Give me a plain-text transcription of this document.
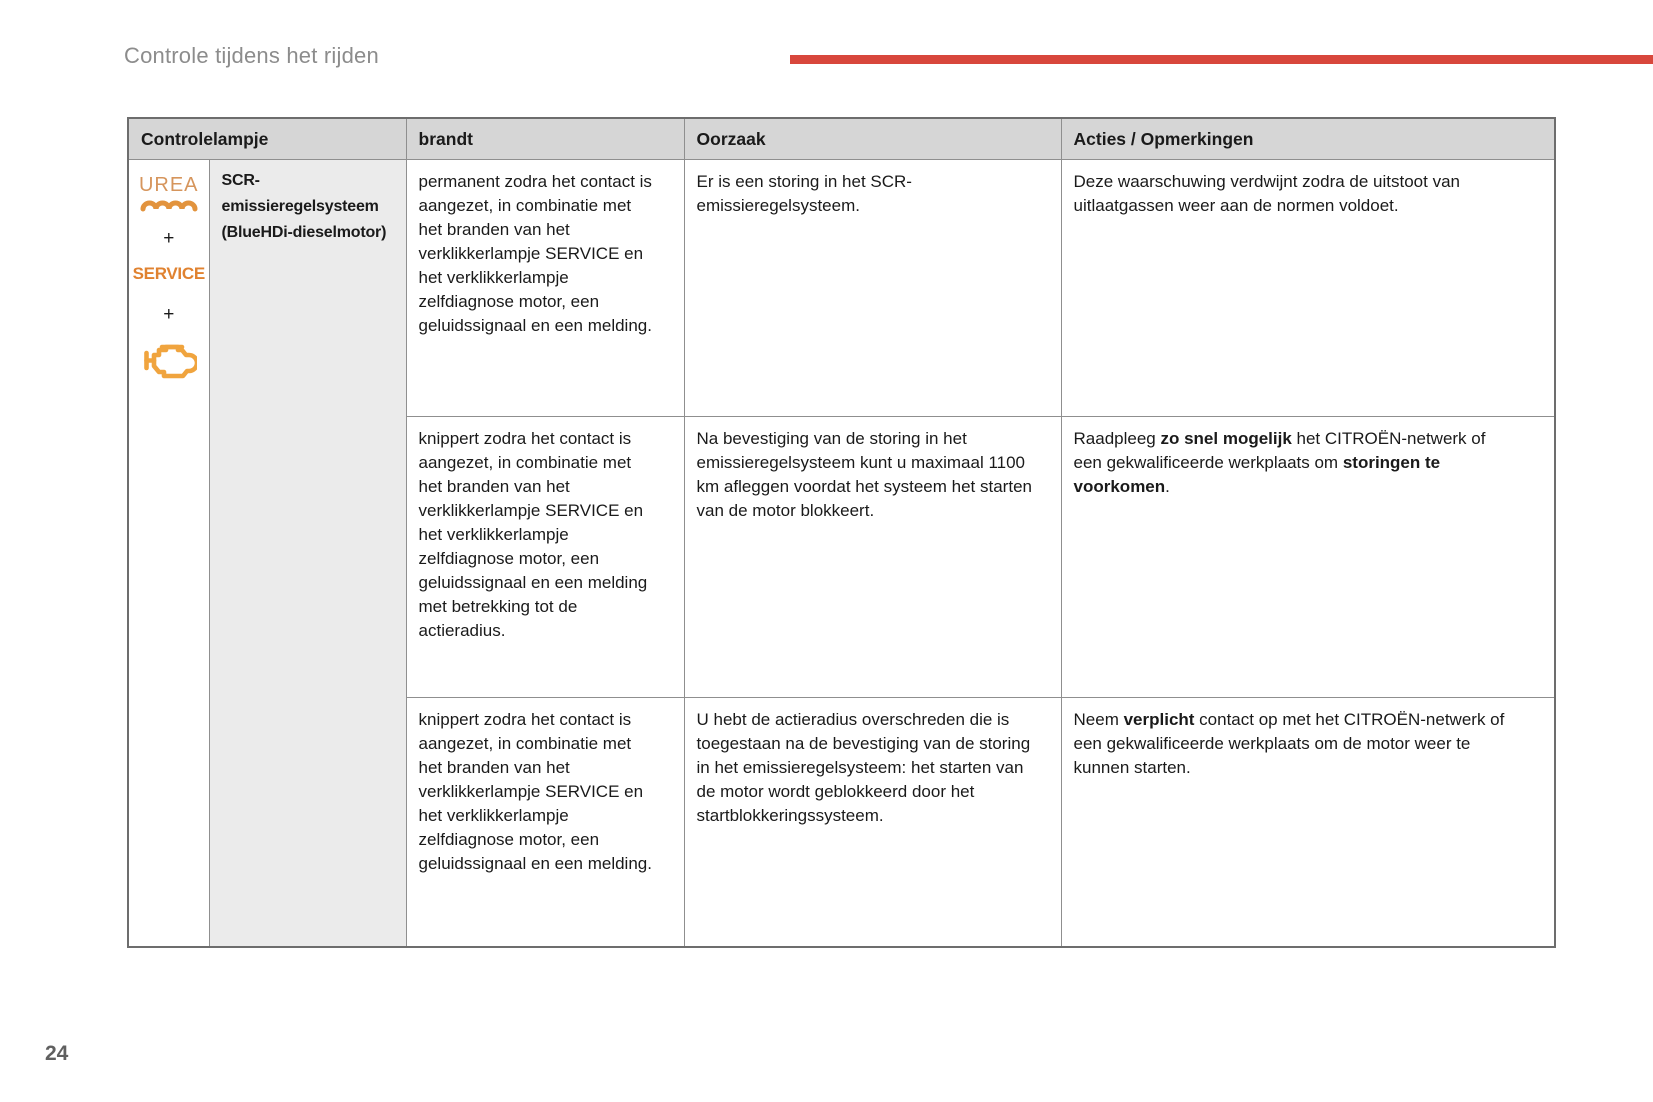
Controle tijdens het rijden
Controlelampje		brandt	Oorzaak	Acties / Opmerkingen

UREA
+
SERVICE
+	SCR-emissieregelsysteem (BlueHDi-dieselmotor)	permanent zodra het contact is aangezet, in combinatie met het branden van het verklikkerlampje SERVICE en het verklikkerlampje zelfdiagnose motor, een geluidssignaal en een melding.	Er is een storing in het SCR-emissieregelsysteem.	Deze waarschuwing verdwijnt zodra de uitstoot van uitlaatgassen weer aan de normen voldoet.
		knippert zodra het contact is aangezet, in combinatie met het branden van het verklikkerlampje SERVICE en het verklikkerlampje zelfdiagnose motor, een geluidssignaal en een melding met betrekking tot de actieradius.	Na bevestiging van de storing in het emissieregelsysteem kunt u maximaal 1100 km afleggen voordat het systeem het starten van de motor blokkeert.	Raadpleeg zo snel mogelijk het CITROËN-netwerk of een gekwalificeerde werkplaats om storingen te voorkomen.
		knippert zodra het contact is aangezet, in combinatie met het branden van het verklikkerlampje SERVICE en het verklikkerlampje zelfdiagnose motor, een geluidssignaal en een melding.	U hebt de actieradius overschreden die is toegestaan na de bevestiging van de storing in het emissieregelsysteem: het starten van de motor wordt geblokkeerd door het startblokkeringssysteem.	Neem verplicht contact op met het CITROËN-netwerk of een gekwalificeerde werkplaats om de motor weer te kunnen starten.
24
